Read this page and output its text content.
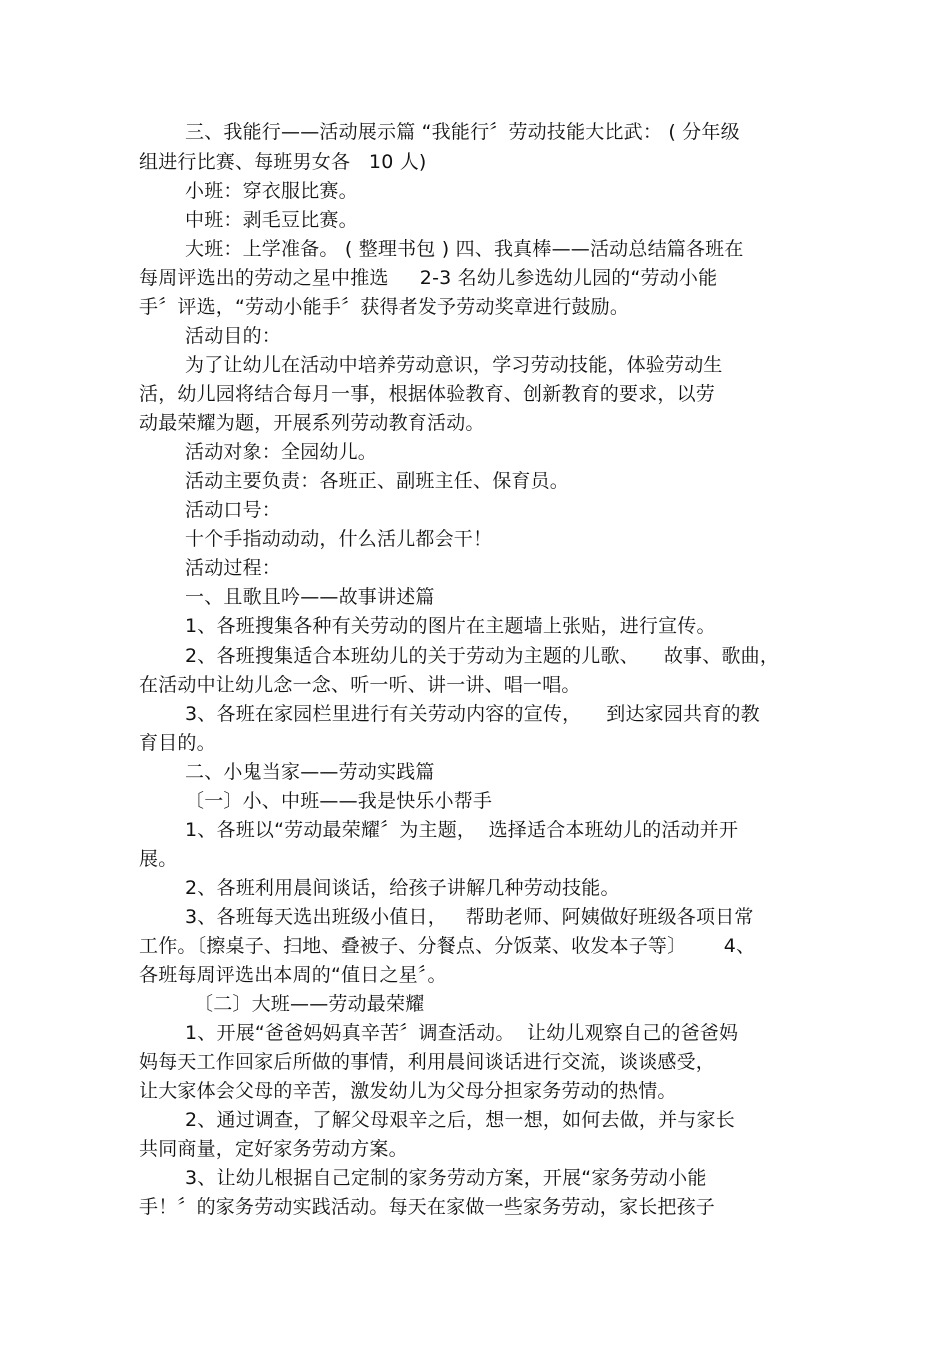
三、我能行——活动展示篇 “我能行〞劳动技能大比武： ( 分年级
组进行比赛、每班男女各   10 人)
小班：穿衣服比赛。
中班：剥毛豆比赛。
大班：上学准备。 ( 整理书包 ) 四、我真棒——活动总结篇各班在
每周评选出的劳动之星中推选     2-3 名幼儿参选幼儿园的“劳动小能
手〞评选，“劳动小能手〞获得者发予劳动奖章进行鼓励。
活动目的：
为了让幼儿在活动中培养劳动意识，学习劳动技能，体验劳动生
活，幼儿园将结合每月一事，根据体验教育、创新教育的要求，以劳
动最荣耀为题，开展系列劳动教育活动。
活动对象：全园幼儿。
活动主要负责：各班正、副班主任、保育员。
活动口号：
十个手指动动动，什么活儿都会干！
活动过程：
一、且歌且吟——故事讲述篇
1、各班搜集各种有关劳动的图片在主题墙上张贴，进行宣传。
2、各班搜集适合本班幼儿的关于劳动为主题的儿歌、    故事、歌曲，
在活动中让幼儿念一念、听一听、讲一讲、唱一唱。
3、各班在家园栏里进行有关劳动内容的宣传，    到达家园共育的教
育目的。
二、小鬼当家——劳动实践篇
〔一〕小、中班——我是快乐小帮手
1、各班以“劳动最荣耀〞为主题，  选择适合本班幼儿的活动并开
展。
2、各班利用晨间谈话，给孩子讲解几种劳动技能。
3、各班每天选出班级小值日，   帮助老师、阿姨做好班级各项日常
工作。〔擦桌子、扫地、叠被子、分餐点、分饭菜、收发本子等〕      4、
各班每周评选出本周的“值日之星〞。
〔二〕大班——劳动最荣耀
1、开展“爸爸妈妈真辛苦〞调查活动。  让幼儿观察自己的爸爸妈
妈每天工作回家后所做的事情，利用晨间谈话进行交流，谈谈感受，
让大家体会父母的辛苦，激发幼儿为父母分担家务劳动的热情。
2、通过调查，了解父母艰辛之后，想一想，如何去做，并与家长
共同商量，定好家务劳动方案。
3、让幼儿根据自己定制的家务劳动方案，开展“家务劳动小能
手！〞的家务劳动实践活动。每天在家做一些家务劳动，家长把孩子
